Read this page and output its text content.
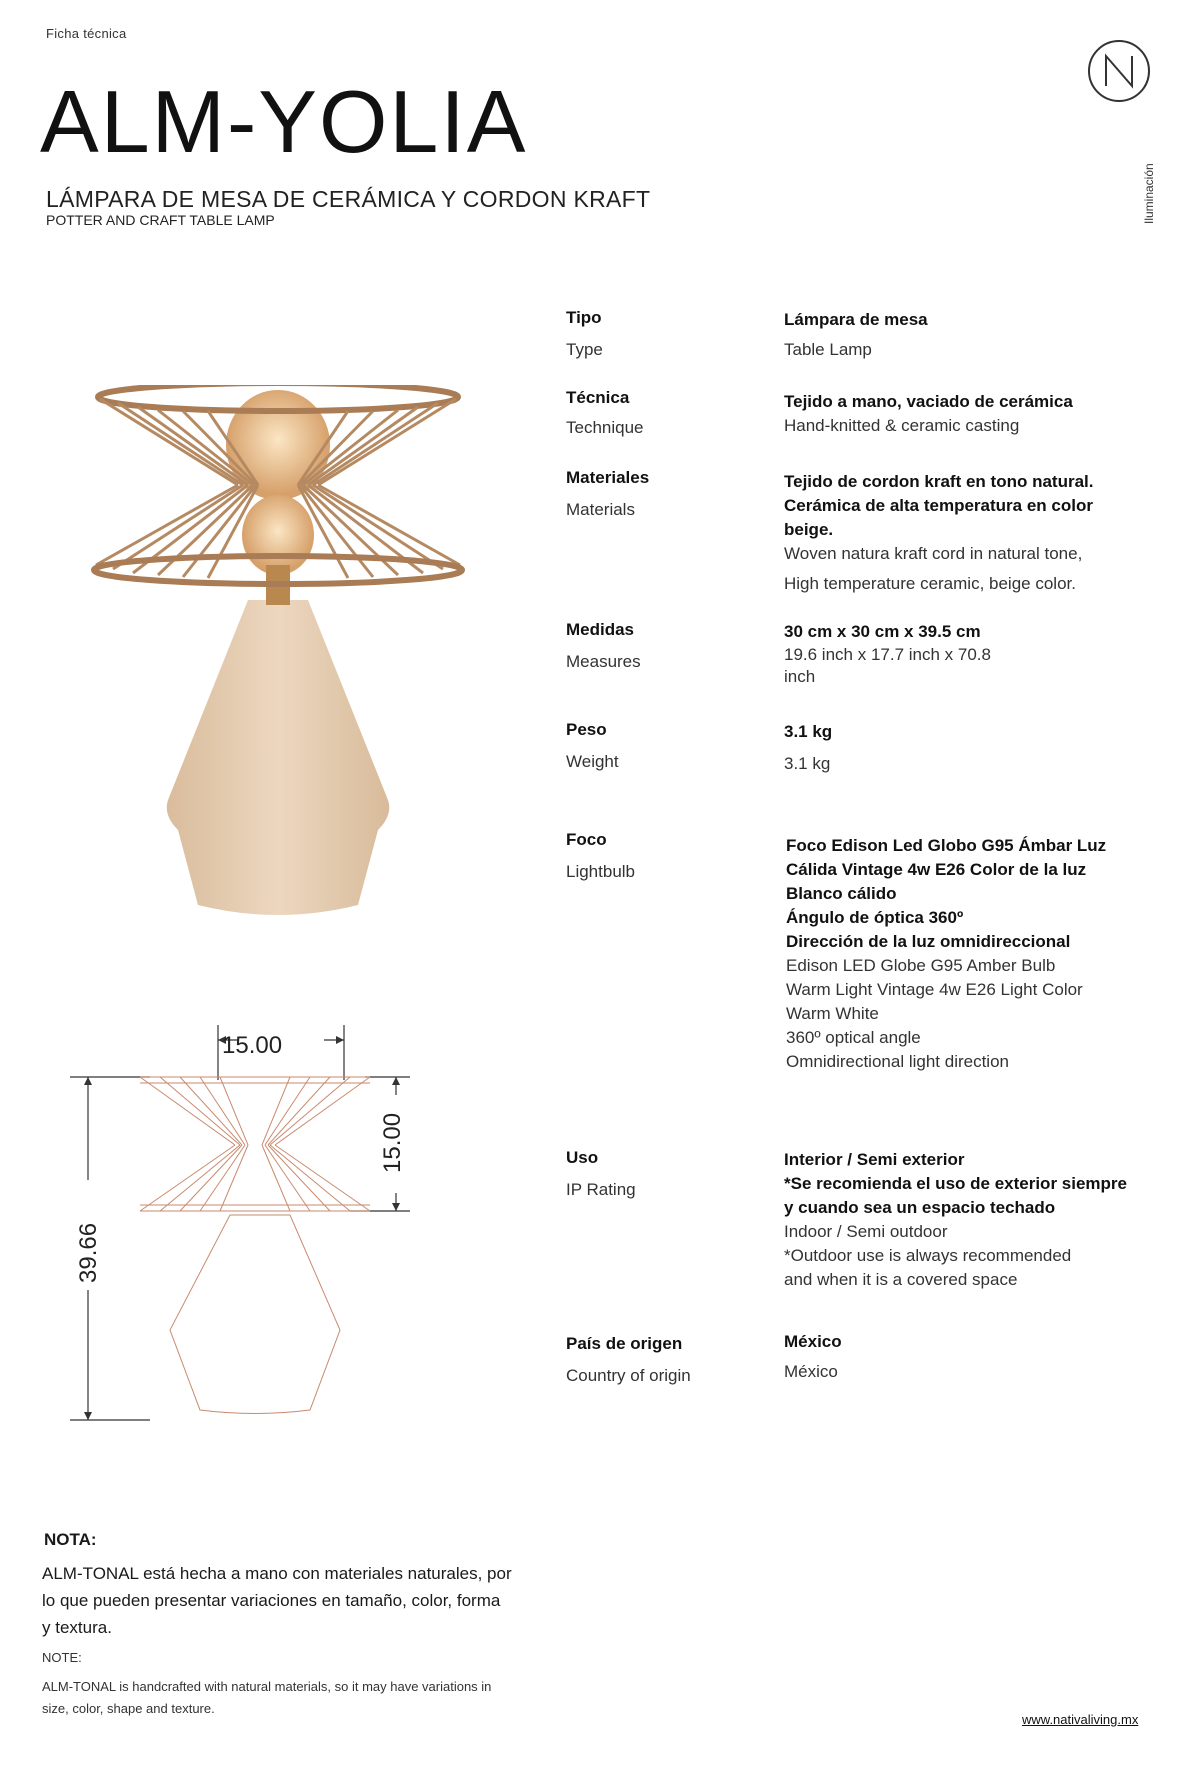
Ficha técnica
ALM-YOLIA
LÁMPARA DE MESA DE CERÁMICA Y CORDON KRAFT
POTTER AND CRAFT TABLE LAMP	Iluminación
15.00
15.00
39.66
Tipo
Type
Lámpara de mesa
Table Lamp
Técnica
Technique
Tejido a mano, vaciado de cerámica
Hand-knitted & ceramic casting
Materiales
Materials
Tejido de cordon kraft en tono natural.
Cerámica de alta temperatura en color
beige.
Woven natura kraft cord in natural tone,
High temperature ceramic, beige color.
Medidas
Measures
30 cm x 30 cm x 39.5 cm
19.6 inch x 17.7 inch x 70.8
inch
Peso
Weight
3.1 kg
3.1 kg
Foco
Lightbulb
Foco Edison Led Globo G95 Ámbar Luz
Cálida Vintage 4w E26 Color de la luz
Blanco cálido
Ángulo de óptica 360º
Dirección de la luz omnidireccional
Edison LED Globe G95 Amber Bulb
Warm Light Vintage 4w E26 Light Color
Warm White
360º optical angle
Omnidirectional light direction
Uso
IP Rating
Interior / Semi exterior
*Se recomienda el uso de exterior siempre
y cuando sea un espacio techado
Indoor / Semi outdoor
*Outdoor use is always recommended
and when it is a covered space
País de origen
Country of origin
México
México
NOTA:
ALM-TONAL está hecha a mano con materiales naturales, por lo que pueden presentar variaciones en tamaño, color, forma y textura.
NOTE:
ALM-TONAL is handcrafted with natural materials, so it may have variations in size, color, shape and texture.
www.nativaliving.mx
